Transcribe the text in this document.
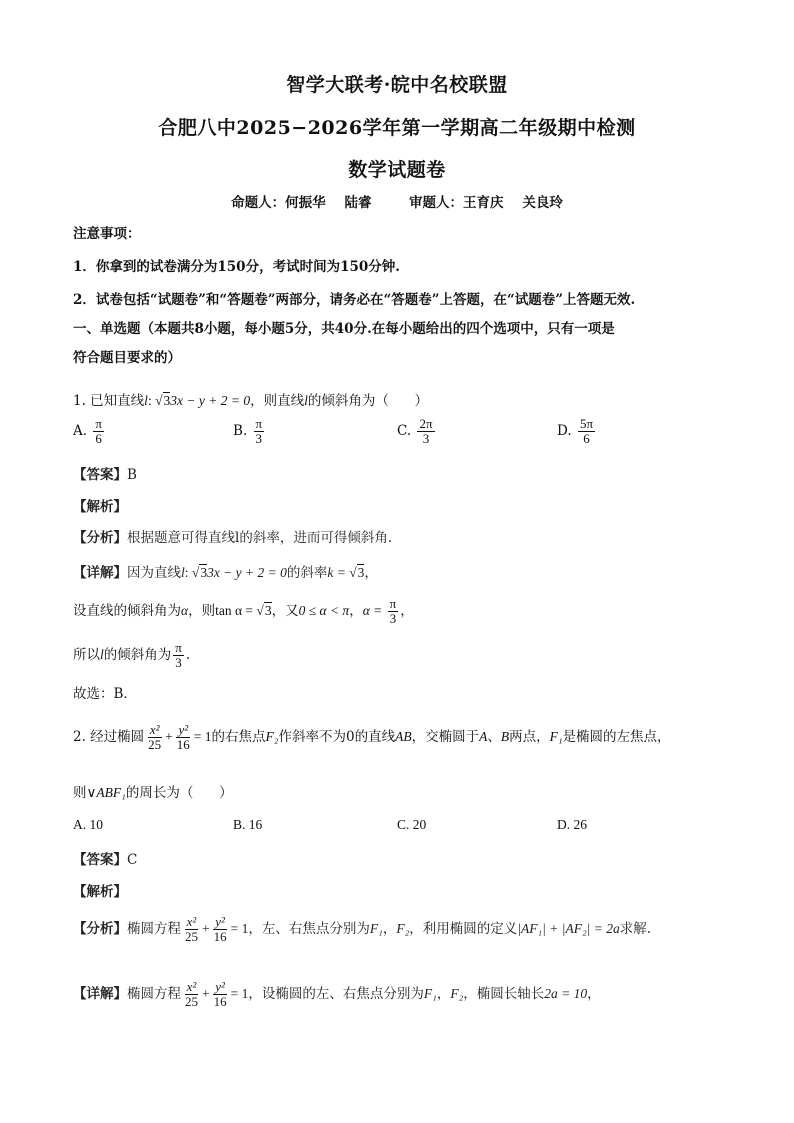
智学大联考·皖中名校联盟
合肥八中2025−2026学年第一学期高二年级期中检测
数学试题卷
命题人：何振华    陆睿        审题人：王育庆    关良玲
注意事项：
1．你拿到的试卷满分为150分，考试时间为150分钟.
2．试卷包括“试题卷”和“答题卷”两部分，请务必在“答题卷”上答题，在“试题卷”上答题无效.
一、单选题（本题共8小题，每小题5分，共40分.在每小题给出的四个选项中，只有一项是
符合题目要求的）
1. 已知直线l: √33x − y + 2 = 0，则直线l的倾斜角为（      ）
A. $\frac{\pi}{6}$	B. $\frac{\pi}{3}$	C. $\frac{2\pi}{3}$	D. $\frac{5\pi}{6}$
【答案】B
【解析】
【分析】根据题意可得直线l的斜率，进而可得倾斜角.
【详解】因为直线l: √33x − y + 2 = 0的斜率k = √3，
设直线的倾斜角为α，则tan α = √3，又0 ≤ α < π，$\alpha = \frac{\pi}{3}$ ，
所以l的倾斜角为 $\frac{\pi}{3}$ .
故选：B．
2. 经过椭圆 $\frac{\text{x²}}{25} + \frac{\text{y²}}{16} = 1$的右焦点F₂作斜率不为0的直线AB，交椭圆于A、B两点，F₁是椭圆的左焦点，
则∨ABF₁的周长为（      ）
A. 10	B. 16	C. 20	D. 26
【答案】C
【解析】
【分析】椭圆方程 $\frac{\text{x²}}{25} + \frac{\text{y²}}{16} = 1$，左、右焦点分别为F₁，F₂，利用椭圆的定义|AF₁| + |AF₂| = 2a求解.
【详解】椭圆方程 $\frac{\text{x²}}{25} + \frac{\text{y²}}{16} = 1$，设椭圆的左、右焦点分别为F₁，F₂，椭圆长轴长2a = 10，
